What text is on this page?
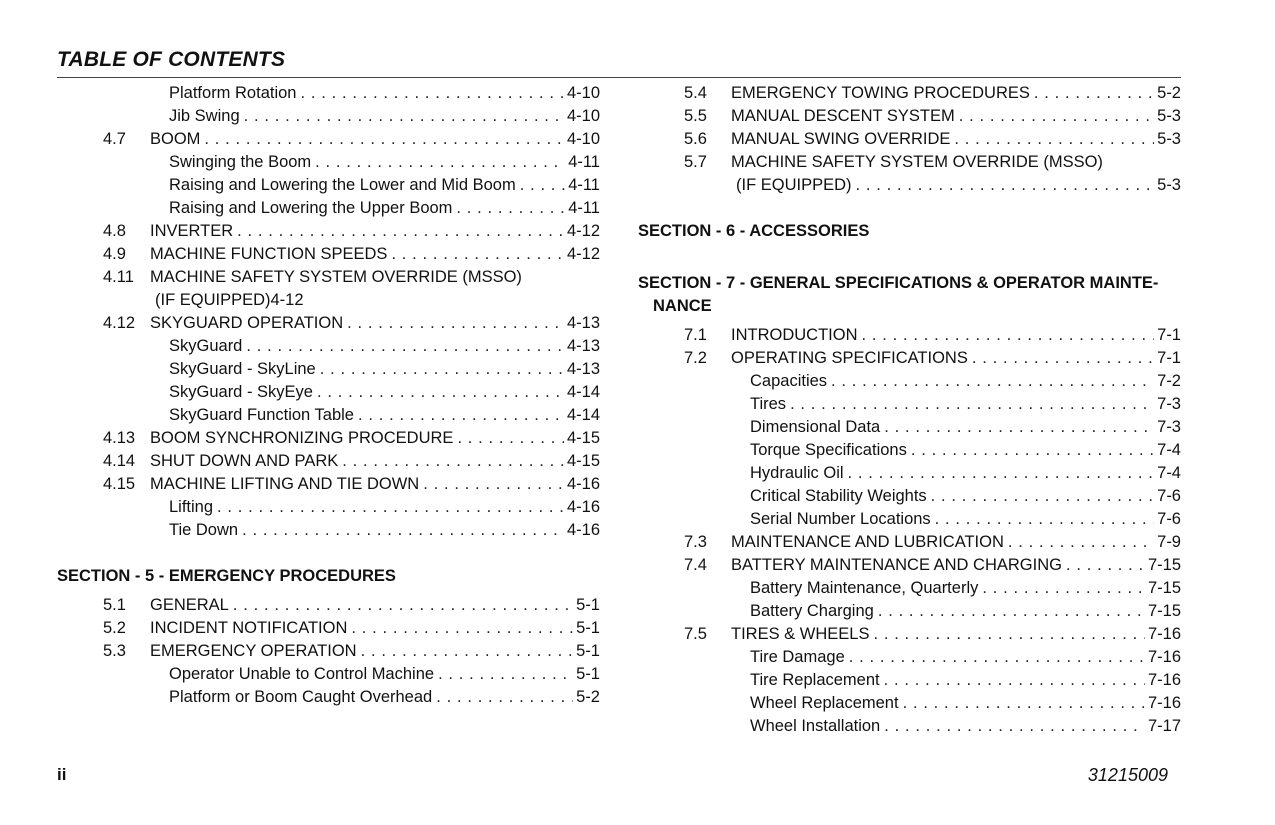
TABLE OF CONTENTS
Platform Rotation . . .	4-10
Jib Swing . . .	4-10
4.7	BOOM . . .	4-10
Swinging the Boom . . .	4-11
Raising and Lowering the Lower and Mid Boom . . .	4-11
Raising and Lowering the Upper Boom . . .	4-11
4.8	INVERTER . . .	4-12
4.9	MACHINE FUNCTION SPEEDS . . .	4-12
4.11 MACHINE SAFETY SYSTEM OVERRIDE (MSSO)
(IF EQUIPPED)4-12
4.12 SKYGUARD OPERATION . . .	4-13
SkyGuard . . .	4-13
SkyGuard - SkyLine . . .	4-13
SkyGuard - SkyEye . . .	4-14
SkyGuard Function Table . . .	4-14
4.13 BOOM SYNCHRONIZING PROCEDURE . . .	4-15
4.14 SHUT DOWN AND PARK . . .	4-15
4.15 MACHINE LIFTING AND TIE DOWN . . .	4-16
Lifting . . .	4-16
Tie Down . . .	4-16
SECTION - 5 - EMERGENCY PROCEDURES
5.1	GENERAL . . .	5-1
5.2	INCIDENT NOTIFICATION . . .	5-1
5.3	EMERGENCY OPERATION . . .	5-1
Operator Unable to Control Machine . . .	5-1
Platform or Boom Caught Overhead . . .	5-2
5.4	EMERGENCY TOWING PROCEDURES . . .	5-2
5.5	MANUAL DESCENT SYSTEM . . .	5-3
5.6	MANUAL SWING OVERRIDE . . .	5-3
5.7	MACHINE SAFETY SYSTEM OVERRIDE (MSSO)
(IF EQUIPPED) . . .	5-3
SECTION - 6 - ACCESSORIES
SECTION - 7 - GENERAL SPECIFICATIONS & OPERATOR MAINTE-
NANCE
7.1	INTRODUCTION . . .	7-1
7.2	OPERATING SPECIFICATIONS . . .	7-1
Capacities . . .	7-2
Tires . . .	7-3
Dimensional Data . . .	7-3
Torque Specifications . . .	7-4
Hydraulic Oil . . .	7-4
Critical Stability Weights . . .	7-6
Serial Number Locations . . .	7-6
7.3	MAINTENANCE AND LUBRICATION . . .	7-9
7.4	BATTERY MAINTENANCE AND CHARGING . . .	7-15
Battery Maintenance, Quarterly . . .	7-15
Battery Charging . . .	7-15
7.5	TIRES & WHEELS . . .	7-16
Tire Damage . . .	7-16
Tire Replacement . . .	7-16
Wheel Replacement . . .	7-16
Wheel Installation . . .	7-17
ii	31215009
